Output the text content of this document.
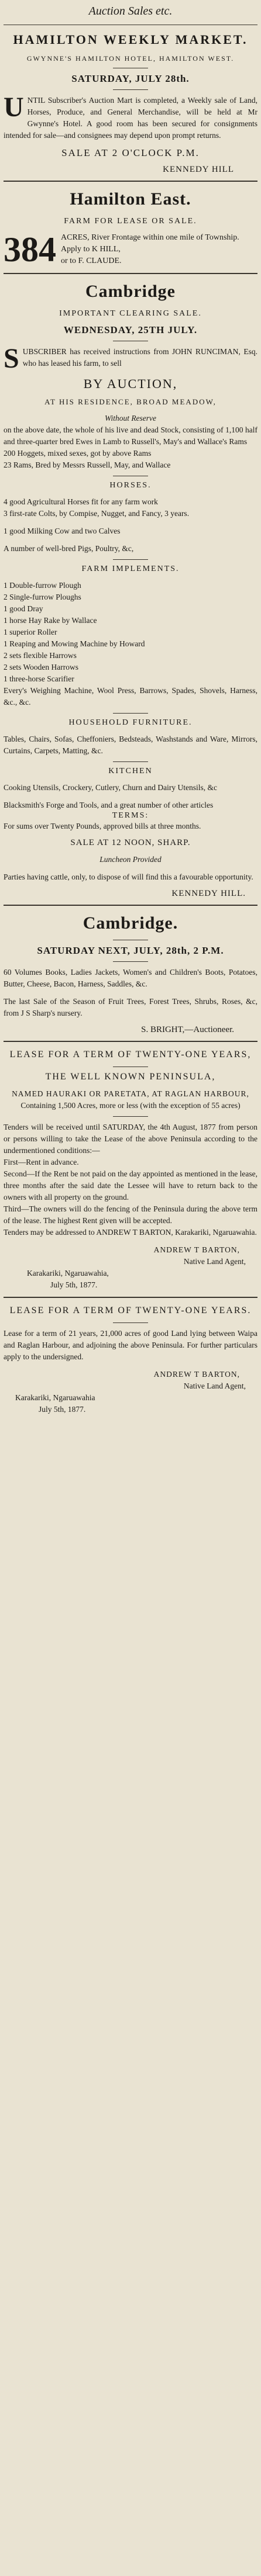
Auction Sales etc.

HAMILTON WEEKLY MARKET.

GWYNNE'S HAMILTON HOTEL, HAMILTON WEST.

SATURDAY, JULY 28th.

UNTIL Subscriber's Auction Mart is completed, a Weekly sale of Land, Horses, Produce, and General Merchandise, will be held at Mr Gwynne's Hotel. A good room has been secured for consignments intended for sale—and consignees may depend upon prompt returns.

SALE AT 2 O'CLOCK P.M.

KENNEDY HILL

Hamilton East.

FARM FOR LEASE OR SALE.

384 ACRES, River Frontage within one mile of Township.

Apply to K HILL,

or to F. CLAUDE.

Cambridge

IMPORTANT CLEARING SALE.

WEDNESDAY, 25TH JULY.

SUBSCRIBER has received instructions from JOHN RUNCIMAN, Esq. who has leased his farm, to sell

BY AUCTION,

AT HIS RESIDENCE, BROAD MEADOW,

Without Reserve

on the above date, the whole of his live and dead Stock, consisting of 1,100 half and three-quarter bred Ewes in Lamb to Russell's, May's and Wallace's Rams

200 Hoggets, mixed sexes, got by above Rams

23 Rams, Bred by Messrs Russell, May, and Wallace

HORSES.

4 good Agricultural Horses fit for any farm work

3 first-rate Colts, by Compise, Nugget, and Fancy, 3 years.

1 good Milking Cow and two Calves

A number of well-bred Pigs, Poultry, &c,

FARM IMPLEMENTS.

1 Double-furrow Plough

2 Single-furrow Ploughs

1 good Dray

1 horse Hay Rake by Wallace

1 superior Roller

1 Reaping and Mowing Machine by Howard

2 sets flexible Harrows

2 sets Wooden Harrows

1 three-horse Scarifier

Every's Weighing Machine, Wool Press, Barrows, Spades, Shovels, Harness, &c., &c.

HOUSEHOLD FURNITURE.

Tables, Chairs, Sofas, Cheffoniers, Bedsteads, Washstands and Ware, Mirrors, Curtains, Carpets, Matting, &c.

KITCHEN

Cooking Utensils, Crockery, Cutlery, Churn and Dairy Utensils, &c

Blacksmith's Forge and Tools, and a great number of other articles

TERMS:

For sums over Twenty Pounds, approved bills at three months.

SALE AT 12 NOON, SHARP.

Luncheon Provided

Parties having cattle, only, to dispose of will find this a favourable opportunity.

KENNEDY HILL.

Cambridge.

SATURDAY NEXT, JULY, 28th, 2 P.M.

60 Volumes Books, Ladies Jackets, Women's and Children's Boots, Potatoes, Butter, Cheese, Bacon, Harness, Saddles, &c.

The last Sale of the Season of Fruit Trees, Forest Trees, Shrubs, Roses, &c, from J S Sharp's nursery.

S. BRIGHT,—Auctioneer.

LEASE FOR A TERM OF TWENTY-ONE YEARS,

THE WELL KNOWN PENINSULA,

NAMED HAURAKI OR PARETATA, AT RAGLAN HARBOUR,

Containing 1,500 Acres, more or less (with the exception of 55 acres)

Tenders will be received until SATURDAY, the 4th August, 1877 from person or persons willing to take the Lease of the above Peninsula according to the undermentioned conditions:—

First—Rent in advance.

Second—If the Rent be not paid on the day appointed as mentioned in the lease, three months after the said date the Lessee will have to return back to the owners with all property on the ground.

Third—The owners will do the fencing of the Peninsula during the above term of the lease. The highest Rent given will be accepted.

Tenders may be addressed to ANDREW T BARTON, Karakariki, Ngaruawahia.

ANDREW T BARTON,

Native Land Agent,

Karakariki, Ngaruawahia,

July 5th, 1877.

LEASE FOR A TERM OF TWENTY-ONE YEARS.

Lease for a term of 21 years, 21,000 acres of good Land lying between Waipa and Raglan Harbour, and adjoining the above Peninsula. For further particulars apply to the undersigned.

ANDREW T BARTON,

Native Land Agent,

Karakariki, Ngaruawahia

July 5th, 1877.
